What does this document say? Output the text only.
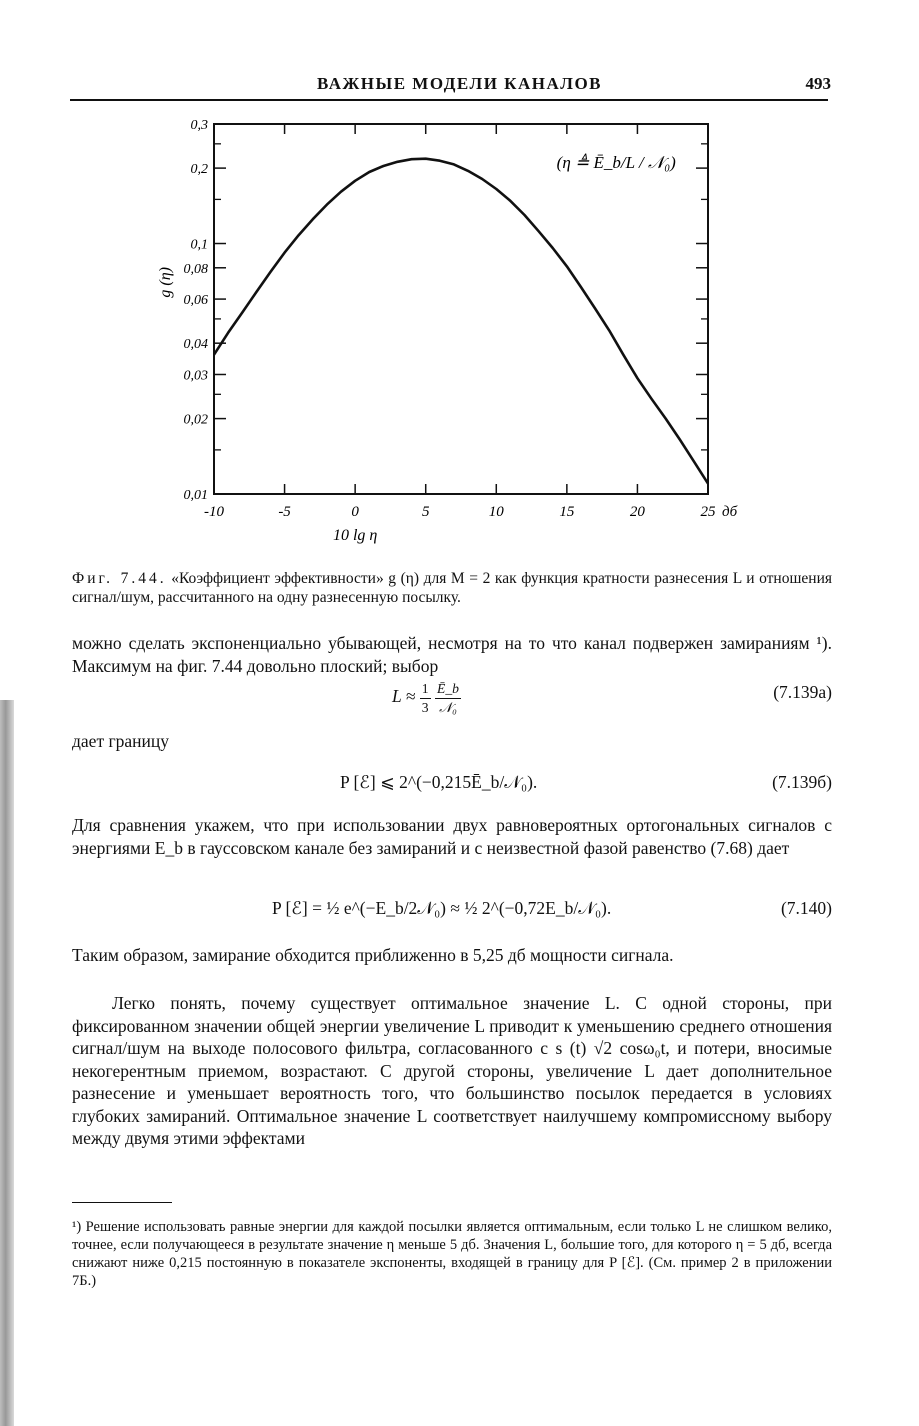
ВАЖНЫЕ МОДЕЛИ КАНАЛОВ	493
0,01
0,02
0,03
0,04
0,06
0,08
0,1
0,2
0,3
-10	-5	0	5	10	15	20	25 дб
10 lg η
g (η)
(η ≜ Ē_b/L / 𝒩₀)
Фиг. 7.44. «Коэффициент эффективности» g (η) для M = 2 как функция кратности разнесения L и отношения сигнал/шум, рассчитанного на одну разнесенную посылку.
можно сделать экспоненциально убывающей, несмотря на то что канал подвержен замираниям ¹). Максимум на фиг. 7.44 довольно плоский; выбор
$L \approx \frac{1}{3}$
$\frac{Ē\_b}{\text{𝒩₀}}$	(7.139a)
дает границу
P [ℰ] ⩽ 2^(−0,215Ē_b/𝒩₀).	(7.139б)
Для сравнения укажем, что при использовании двух равновероятных ортогональных сигналов с энергиями E_b в гауссовском канале без замираний и с неизвестной фазой равенство (7.68) дает
P [ℰ] = ½ e^(−E_b/2𝒩₀) ≈ ½ 2^(−0,72E_b/𝒩₀).	(7.140)
Таким образом, замирание обходится приближенно в 5,25 дб мощности сигнала.
Легко понять, почему существует оптимальное значение L. С одной стороны, при фиксированном значении общей энергии увеличение L приводит к уменьшению среднего отношения сигнал/шум на выходе полосового фильтра, согласованного с s (t) √2 cosω₀t, и потери, вносимые некогерентным приемом, возрастают. С другой стороны, увеличение L дает дополнительное разнесение и уменьшает вероятность того, что большинство посылок передается в условиях глубоких замираний. Оптимальное значение L соответствует наилучшему компромиссному выбору между двумя этими эффектами
¹) Решение использовать равные энергии для каждой посылки является оптимальным, если только L не слишком велико, точнее, если получающееся в результате значение η меньше 5 дб. Значения L, большие того, для которого η = 5 дб, всегда снижают ниже 0,215 постоянную в показателе экспоненты, входящей в границу для P [ℰ]. (См. пример 2 в приложении 7Б.)
